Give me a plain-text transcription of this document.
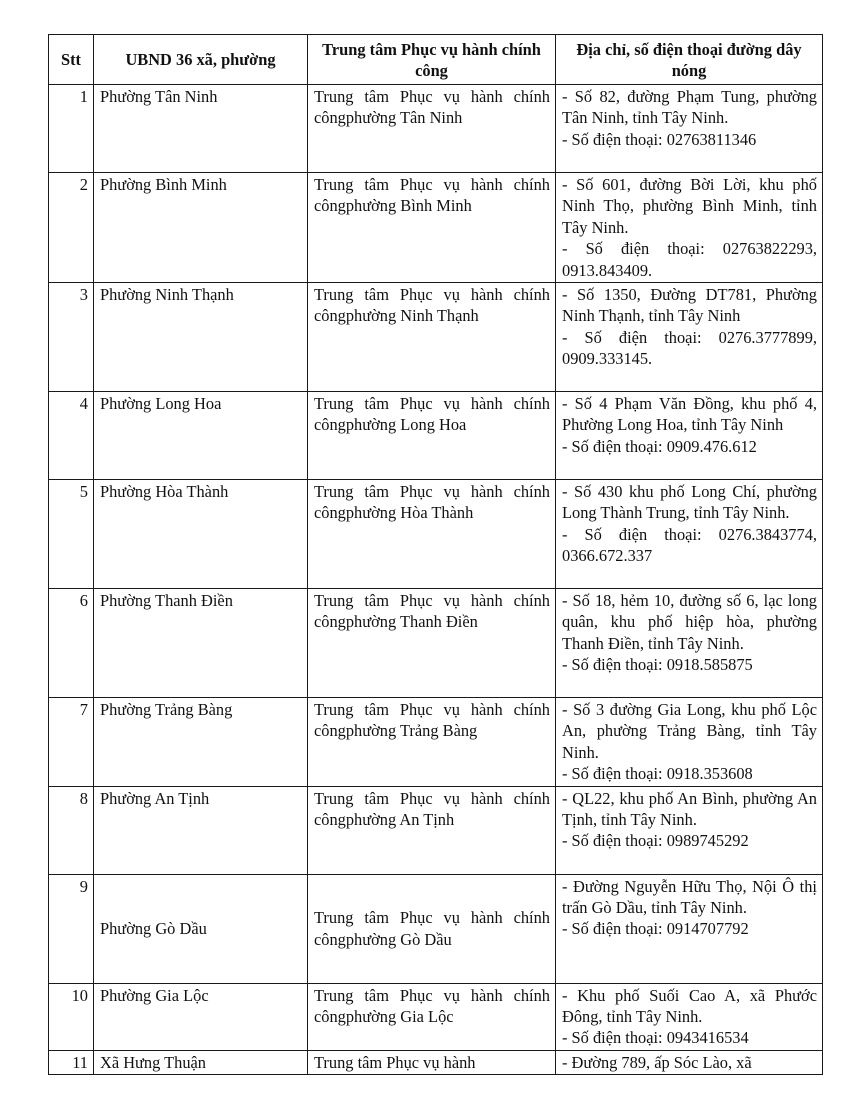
Stt	UBND 36 xã, phường	Trung tâm Phục vụ hành chính công	Địa chỉ, số điện thoại đường dây nóng
1	Phường Tân Ninh	Trung tâm Phục vụ hành chính côngphường Tân Ninh	- Số 82, đường Phạm Tung, phường Tân Ninh, tỉnh Tây Ninh.
- Số điện thoại: 02763811346

2	Phường Bình Minh	Trung tâm Phục vụ hành chính côngphường Bình Minh	- Số 601, đường Bời Lời, khu phố Ninh Thọ, phường Bình Minh, tỉnh Tây Ninh.
- Số điện thoại: 02763822293, 0913.843409.

3	Phường Ninh Thạnh	Trung tâm Phục vụ hành chính côngphường Ninh Thạnh	- Số 1350, Đường DT781, Phường Ninh Thạnh, tỉnh Tây Ninh
- Số điện thoại: 0276.3777899, 0909.333145.

4	Phường Long Hoa	Trung tâm Phục vụ hành chính côngphường Long Hoa	- Số 4 Phạm Văn Đồng, khu phố 4, Phường Long Hoa, tỉnh Tây Ninh
- Số điện thoại: 0909.476.612

5	Phường Hòa Thành	Trung tâm Phục vụ hành chính côngphường Hòa Thành	- Số 430 khu phố Long Chí, phường Long Thành Trung, tỉnh Tây Ninh.
- Số điện thoại: 0276.3843774, 0366.672.337

6	Phường Thanh Điền	Trung tâm Phục vụ hành chính côngphường Thanh Điền	- Số 18, hẻm 10, đường số 6, lạc long quân, khu phố hiệp hòa, phường Thanh Điền, tỉnh Tây Ninh.
- Số điện thoại: 0918.585875

7	Phường Trảng Bàng	Trung tâm Phục vụ hành chính côngphường Trảng Bàng	- Số 3 đường Gia Long, khu phố Lộc An, phường Trảng Bàng, tỉnh Tây Ninh.
- Số điện thoại: 0918.353608

8	Phường An Tịnh	Trung tâm Phục vụ hành chính côngphường An Tịnh	- QL22, khu phố An Bình, phường An Tịnh, tỉnh Tây Ninh.
- Số điện thoại: 0989745292

9	Phường Gò Dầu	Trung tâm Phục vụ hành chính côngphường Gò Dầu	- Đường Nguyễn Hữu Thọ, Nội Ô thị trấn Gò Dầu, tỉnh Tây Ninh.
- Số điện thoại: 0914707792

10	Phường Gia Lộc	Trung tâm Phục vụ hành chính côngphường Gia Lộc	- Khu phố Suối Cao A, xã Phước Đông, tỉnh Tây Ninh.
- Số điện thoại: 0943416534

11	Xã Hưng Thuận	Trung tâm Phục vụ hành	- Đường 789, ấp Sóc Lào, xã
